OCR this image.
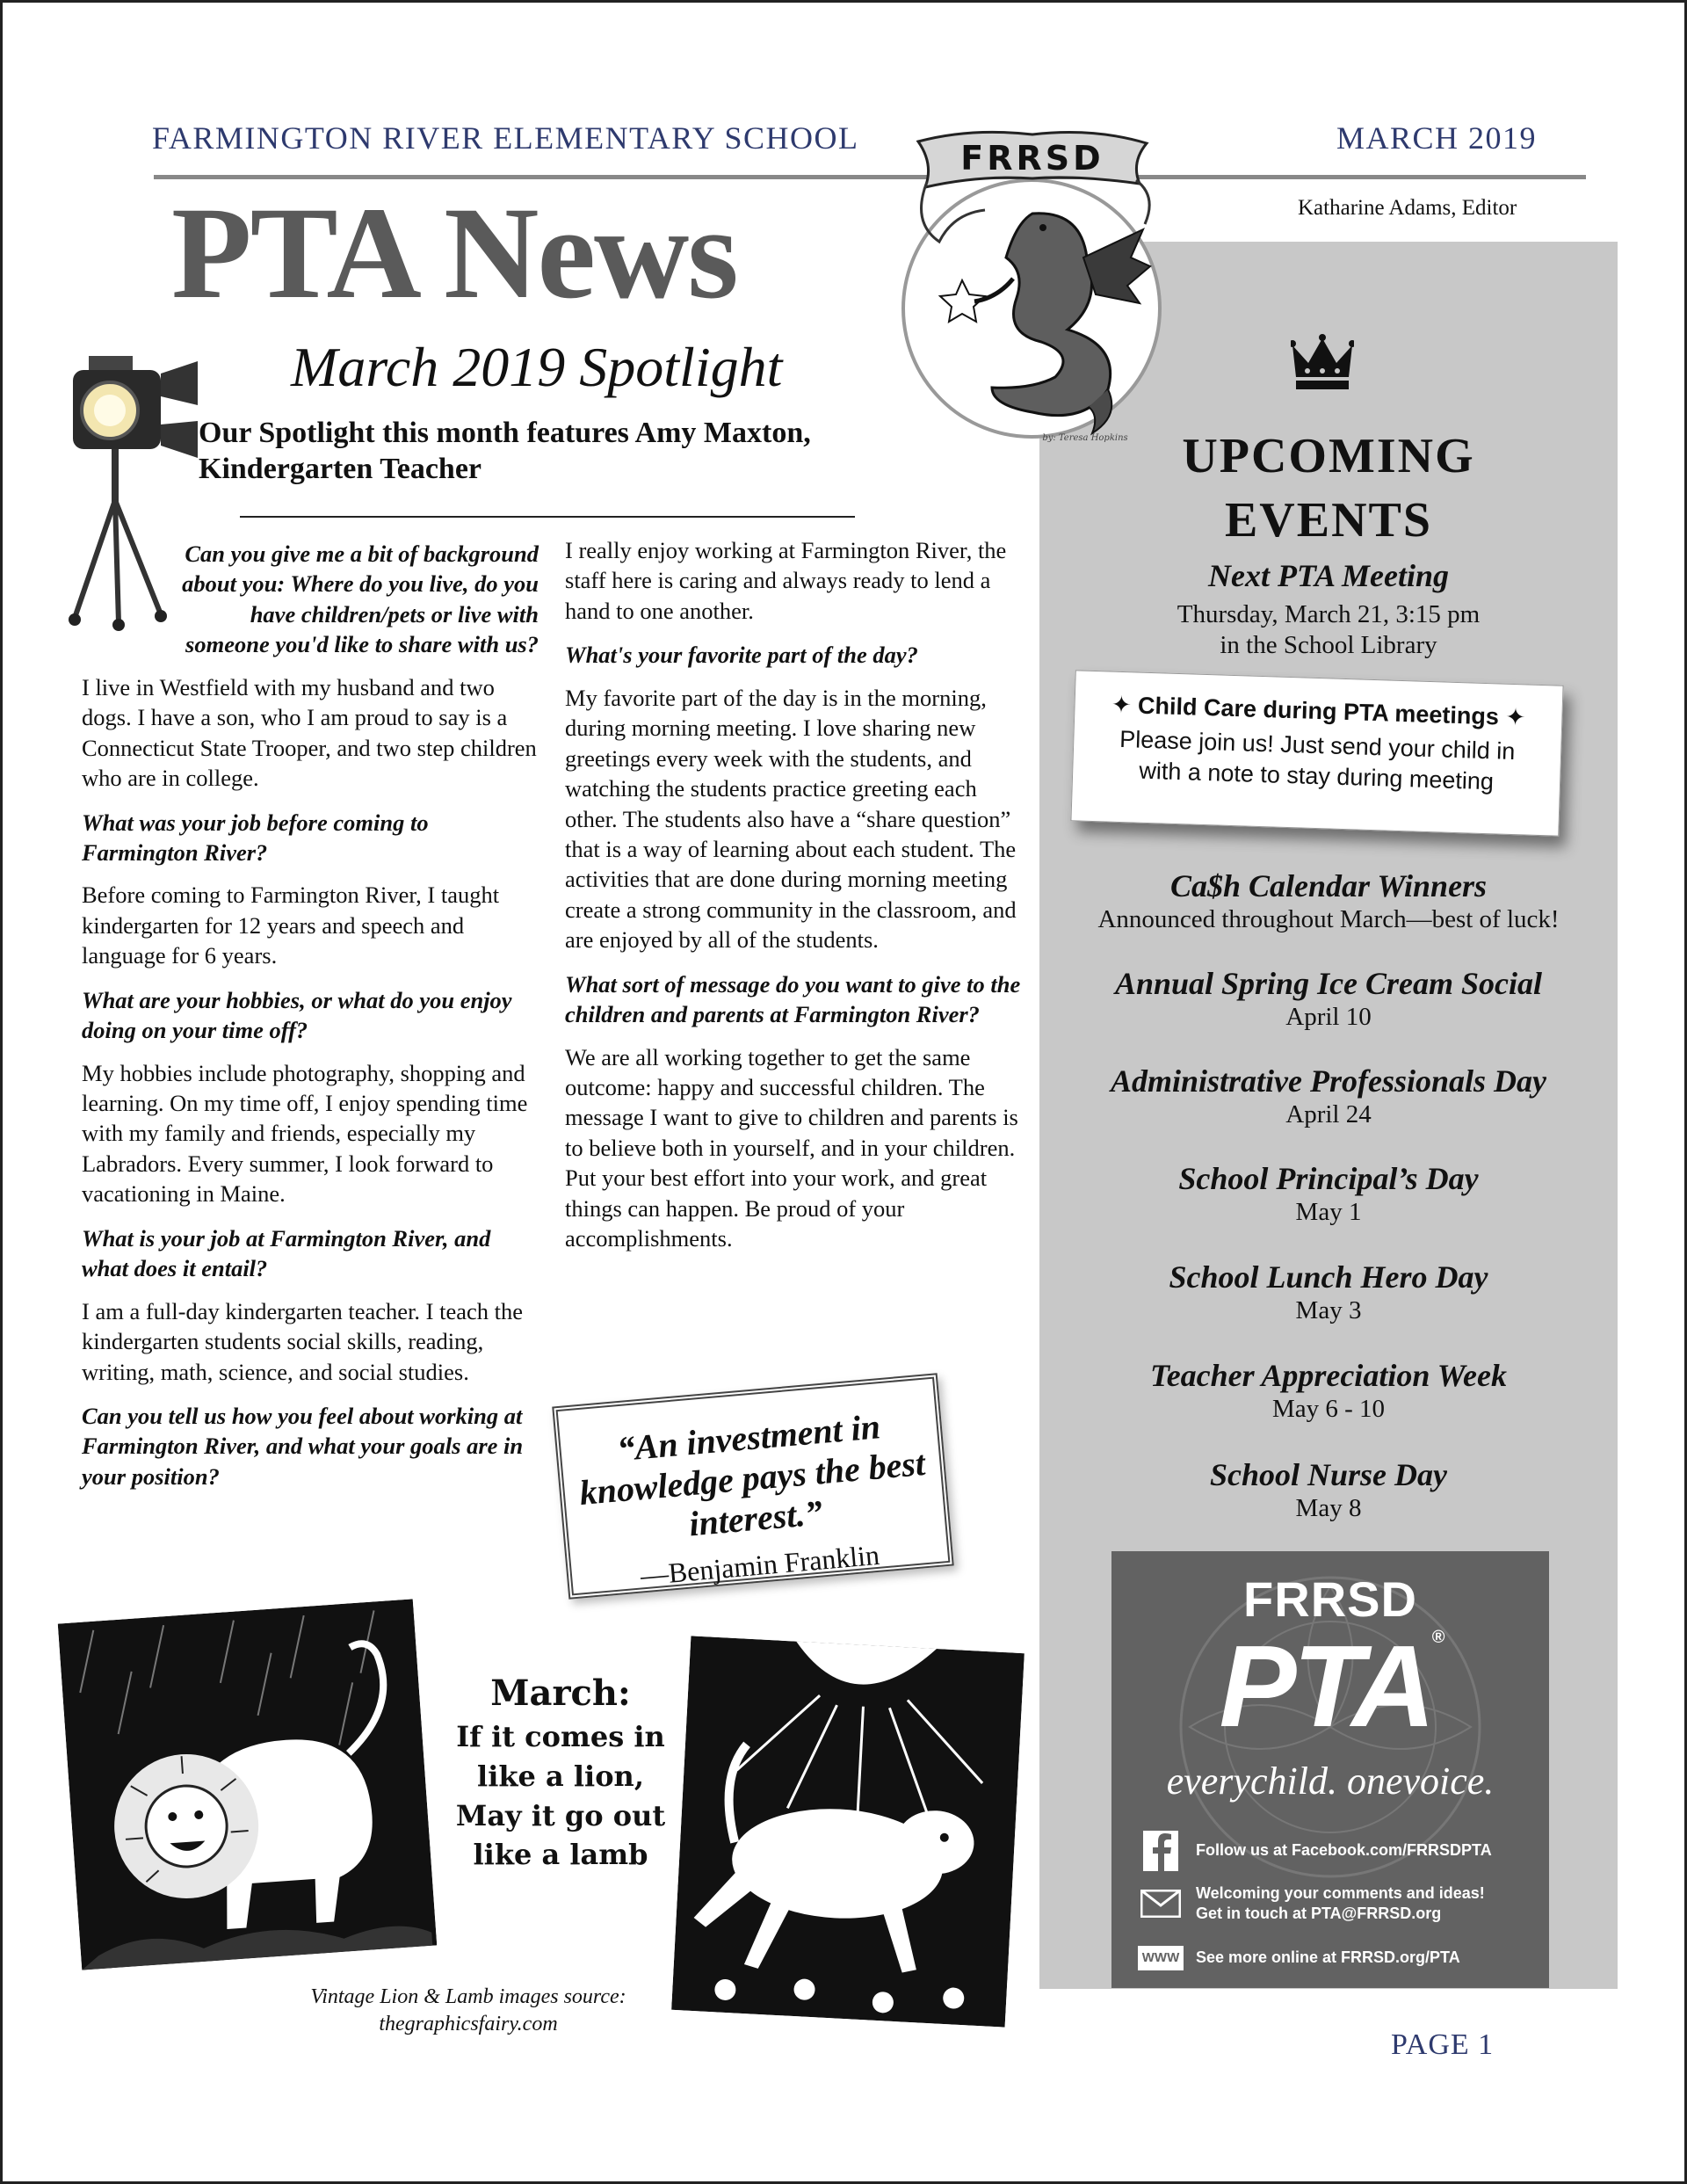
FARMINGTON RIVER ELEMENTARY SCHOOL	MARCH 2019
Katharine Adams, Editor
PTA News
March 2019 Spotlight
FRRSD
by: Teresa Hopkins	UPCOMING
EVENTS
Next PTA Meeting
Thursday, March 21, 3:15 pm
in the School Library
✦ Child Care during PTA meetings ✦
Please join us! Just send your child in
with a note to stay during meeting
Ca$h Calendar Winners
Announced throughout March—best of luck!
Annual Spring Ice Cream Social
April 10
Administrative Professionals Day
April 24
School Principal’s Day
May 1
School Lunch Hero Day
May 3
Teacher Appreciation Week
May 6 - 10
School Nurse Day
May 8
FRRSD
PTA®
everychild. onevoice.
Follow us at Facebook.com/FRRSDPTA
Welcoming your comments and ideas!
Get in touch at PTA@FRRSD.org
WWW See more online at FRRSD.org/PTA
Our Spotlight this month features Amy Maxton, Kindergarten Teacher
Can you give me a bit of background about you: Where do you live, do you have children/pets or live with someone you'd like to share with us?
I live in Westfield with my husband and two dogs. I have a son, who I am proud to say is a Connecticut State Trooper, and two step children who are in college.
What was your job before coming to Farmington River?
Before coming to Farmington River, I taught kindergarten for 12 years and speech and language for 6 years.
What are your hobbies, or what do you enjoy doing on your time off?
My hobbies include photography, shopping and learning. On my time off, I enjoy spending time with my family and friends, especially my Labradors. Every summer, I look forward to vacationing in Maine.
What is your job at Farmington River, and what does it entail?
I am a full-day kindergarten teacher. I teach the kindergarten students social skills, reading, writing, math, science, and social studies.
Can you tell us how you feel about working at Farmington River, and what your goals are in your position?
I really enjoy working at Farmington River, the staff here is caring and always ready to lend a hand to one another.
What's your favorite part of the day?
My favorite part of the day is in the morning, during morning meeting. I love sharing new greetings every week with the students, and watching the students practice greeting each other. The students also have a “share question” that is a way of learning about each student. The activities that are done during morning meeting create a strong community in the classroom, and are enjoyed by all of the students.
What sort of message do you want to give to the children and parents at Farmington River?
We are all working together to get the same outcome: happy and successful children. The message I want to give to children and parents is to believe both in yourself, and in your children. Put your best effort into your work, and great things can happen. Be proud of your accomplishments.
“An investment in knowledge pays the best interest.”
—Benjamin Franklin
March:
If it comes in
like a lion,
May it go out
like a lamb
Vintage Lion & Lamb images source:
thegraphicsfairy.com
PAGE 1
